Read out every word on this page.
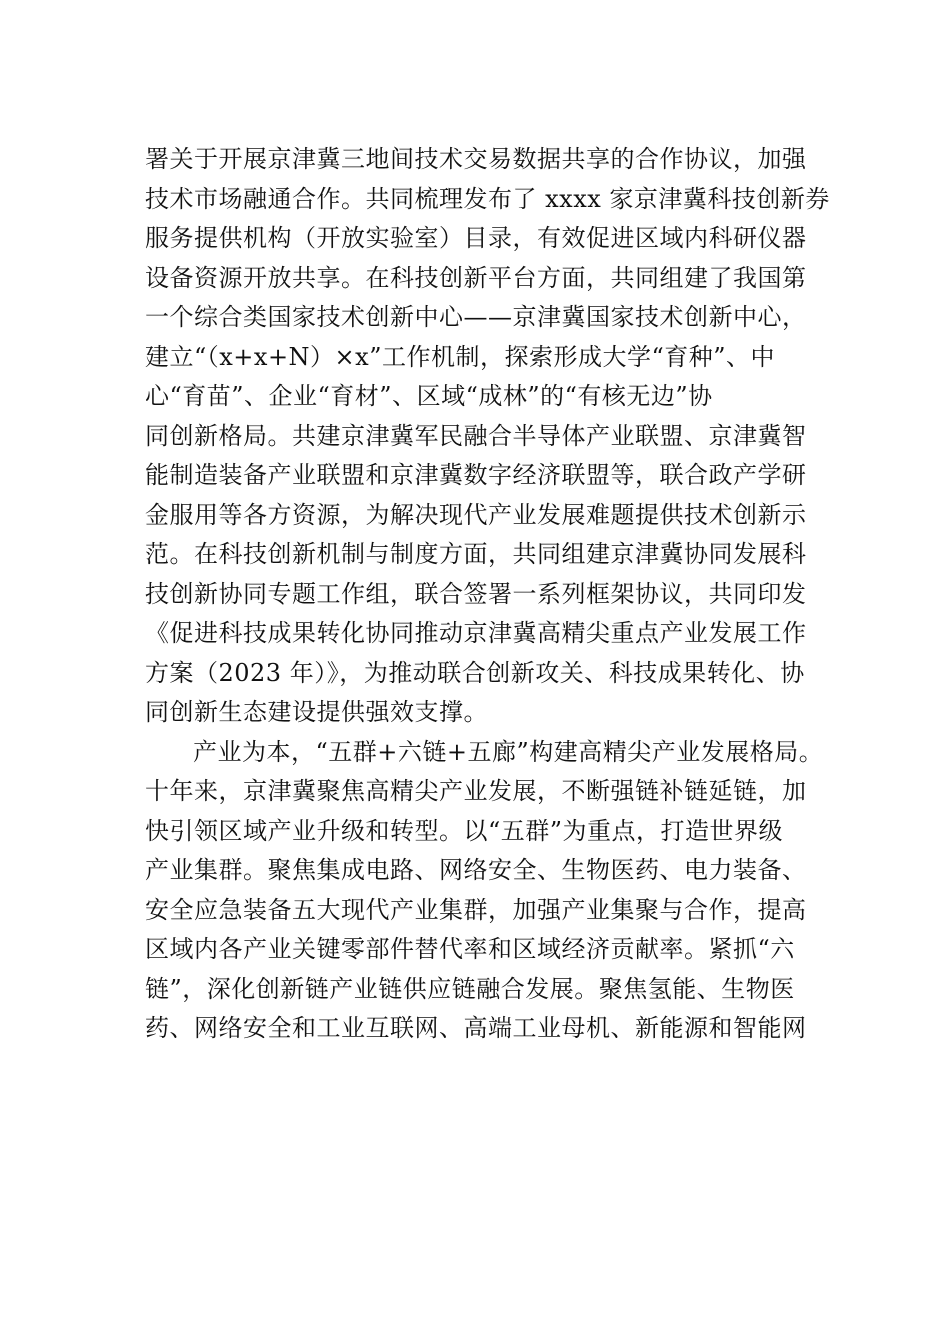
署关于开展京津冀三地间技术交易数据共享的合作协议，加强
技术市场融通合作。共同梳理发布了 xxxx 家京津冀科技创新券
服务提供机构（开放实验室）目录，有效促进区域内科研仪器
设备资源开放共享。在科技创新平台方面，共同组建了我国第
一个综合类国家技术创新中心——京津冀国家技术创新中心，
建立“（x+x+N）×x”工作机制，探索形成大学“育种”、中
心“育苗”、企业“育材”、区域“成林”的“有核无边”协
同创新格局。共建京津冀军民融合半导体产业联盟、京津冀智
能制造装备产业联盟和京津冀数字经济联盟等，联合政产学研
金服用等各方资源，为解决现代产业发展难题提供技术创新示
范。在科技创新机制与制度方面，共同组建京津冀协同发展科
技创新协同专题工作组，联合签署一系列框架协议，共同印发
《促进科技成果转化协同推动京津冀高精尖重点产业发展工作
方案（2023 年）》，为推动联合创新攻关、科技成果转化、协
同创新生态建设提供强效支撑。
产业为本，“五群+六链+五廊”构建高精尖产业发展格局。
十年来，京津冀聚焦高精尖产业发展，不断强链补链延链，加
快引领区域产业升级和转型。以“五群”为重点，打造世界级
产业集群。聚焦集成电路、网络安全、生物医药、电力装备、
安全应急装备五大现代产业集群，加强产业集聚与合作，提高
区域内各产业关键零部件替代率和区域经济贡献率。紧抓“六
链”，深化创新链产业链供应链融合发展。聚焦氢能、生物医
药、网络安全和工业互联网、高端工业母机、新能源和智能网
